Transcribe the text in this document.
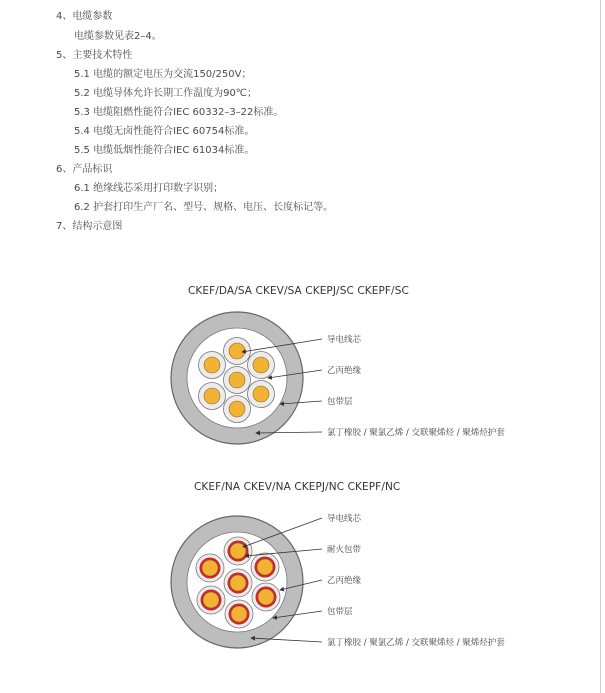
4、电缆参数
电缆参数见表2–4。
5、主要技术特性
5.1 电缆的额定电压为交流150/250V；
5.2 电缆导体允许长期工作温度为90℃；
5.3 电缆阻燃性能符合IEC 60332–3–22标准。
5.4 电缆无卤性能符合IEC 60754标准。
5.5 电缆低烟性能符合IEC 61034标准。
6、产品标识
6.1 绝缘线芯采用打印数字识别；
6.2 护套打印生产厂名、型号、规格、电压、长度标记等。
7、结构示意图
CKEF/DA/SA CKEV/SA CKEPJ/SC CKEPF/SC
CKEF/NA CKEV/NA CKEPJ/NC CKEPF/NC
导电线芯
乙丙绝缘
包带层
氯丁橡胶 / 聚氯乙烯 / 交联聚烯烃 / 聚烯烃护套
导电线芯
耐火包带
乙丙绝缘
包带层
氯丁橡胶 / 聚氯乙烯 / 交联聚烯烃 / 聚烯烃护套
